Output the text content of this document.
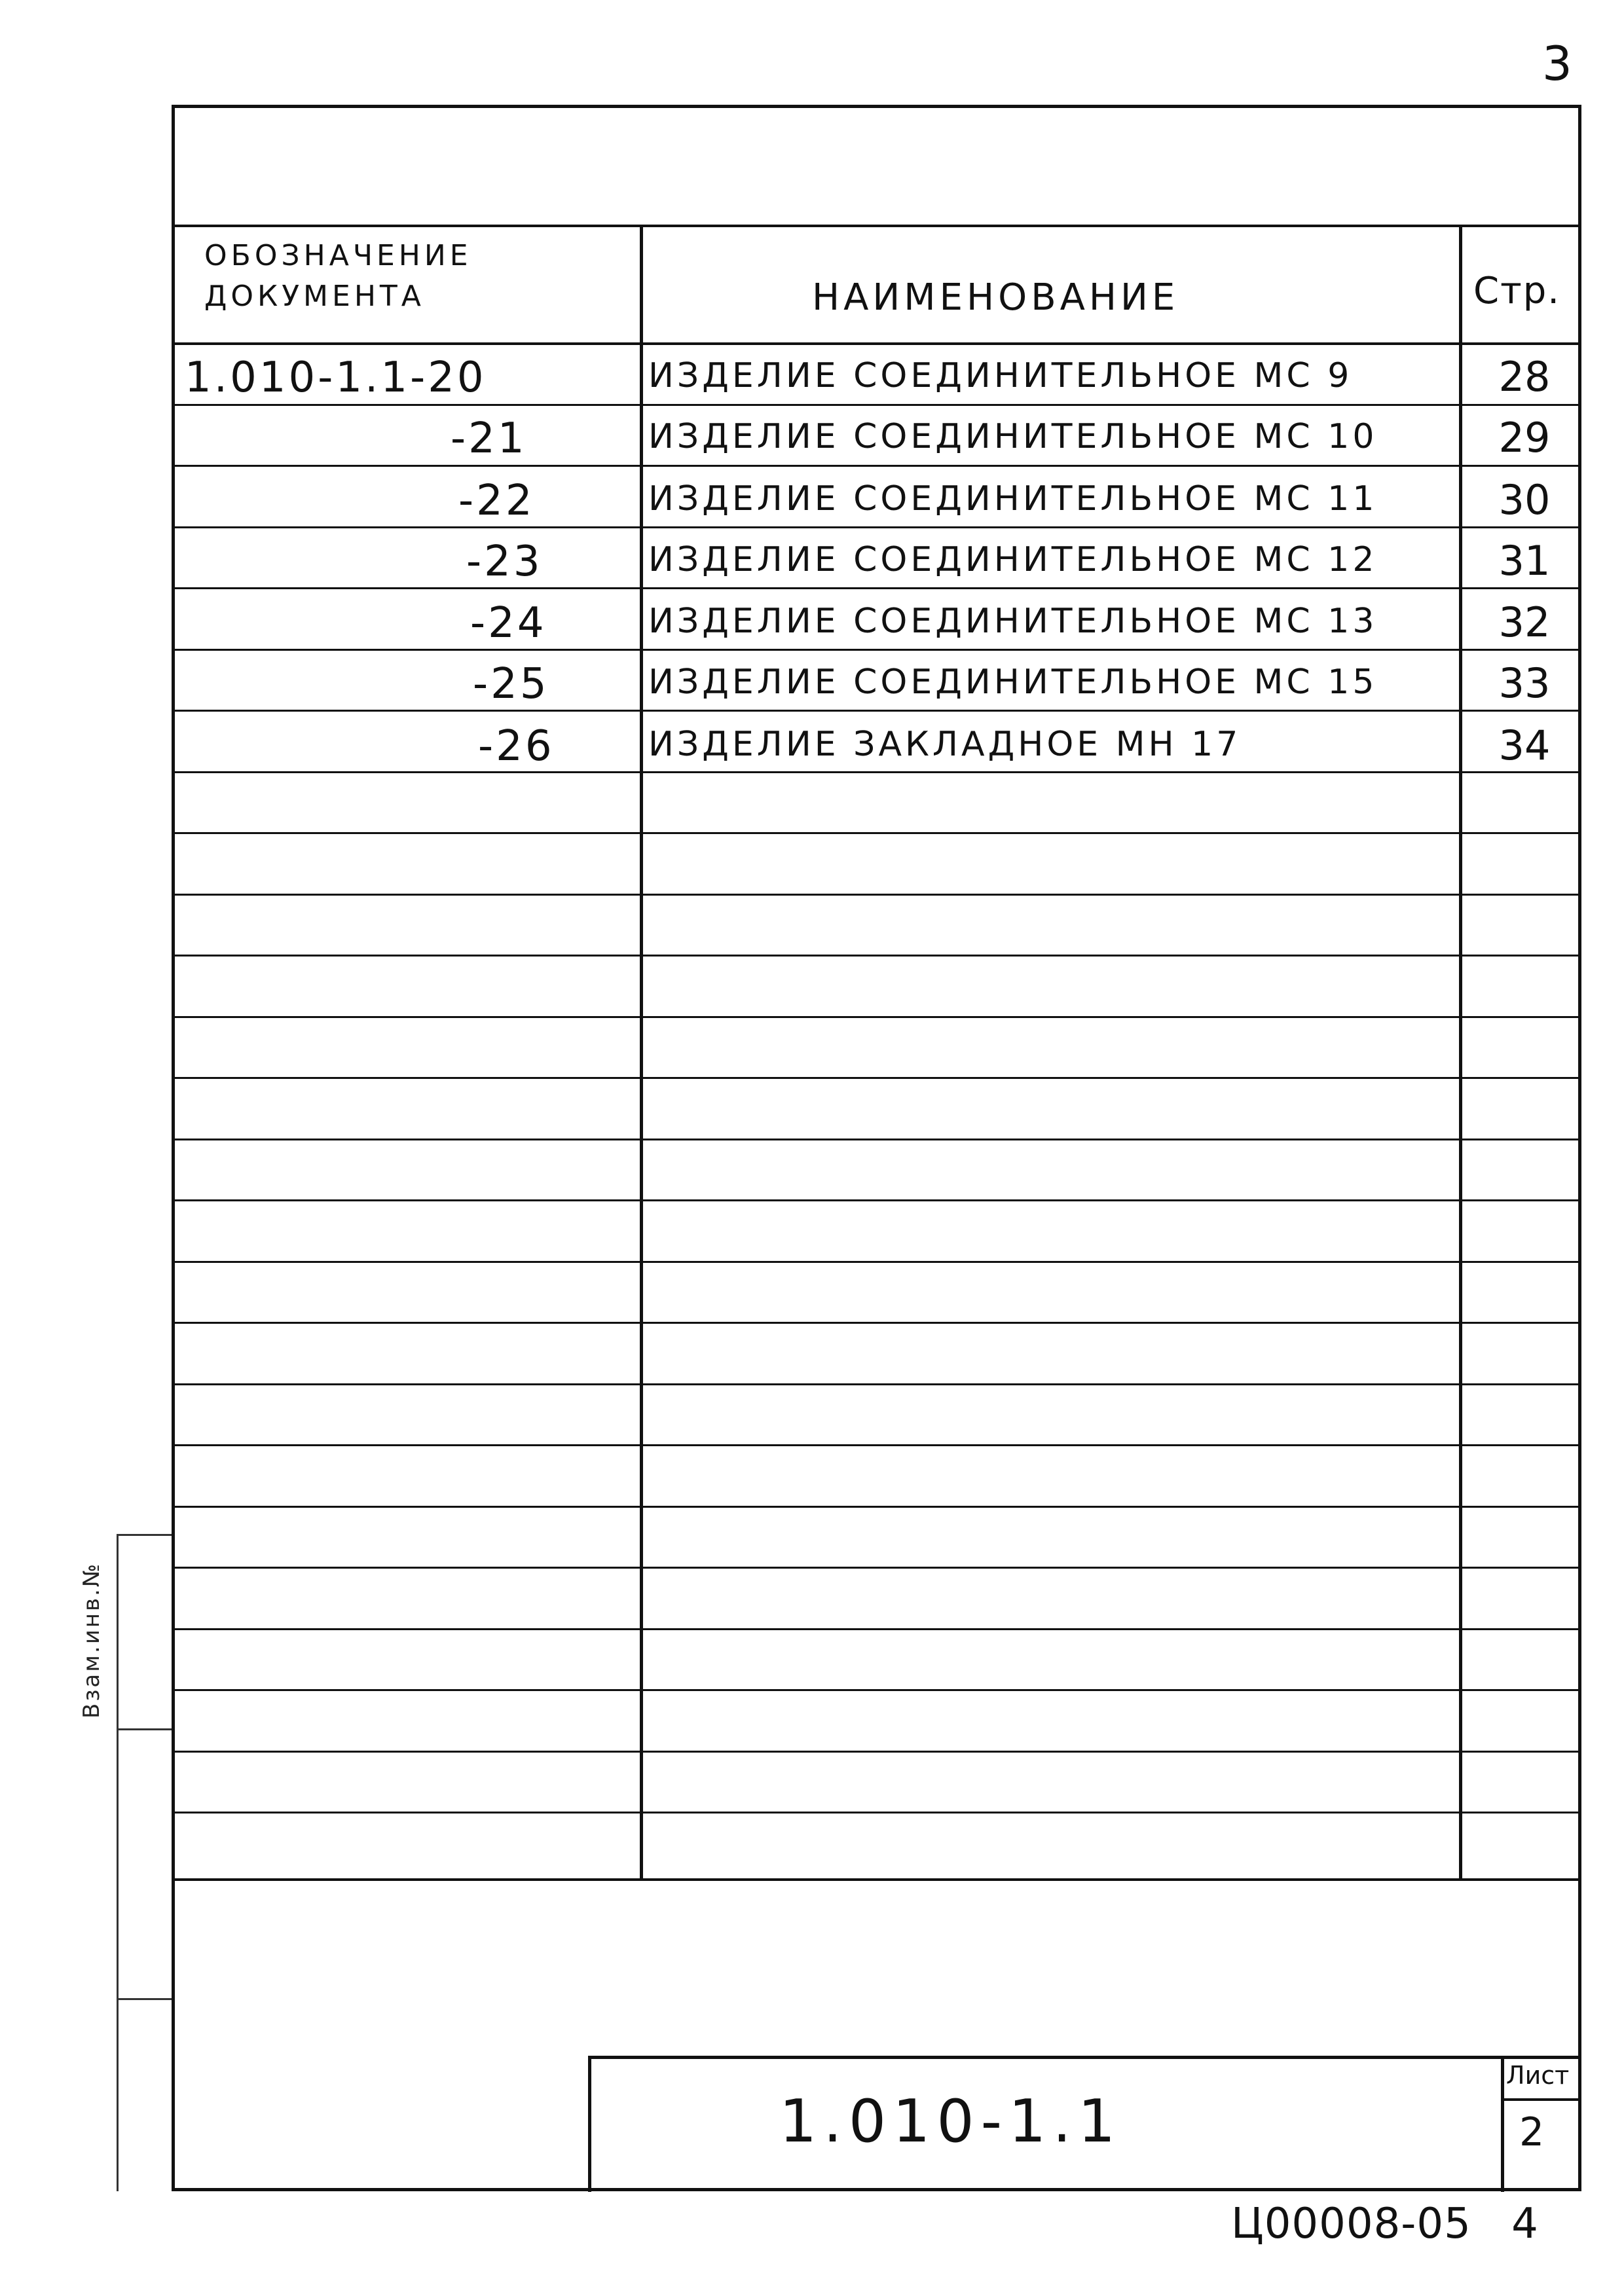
3
ОБОЗНАЧЕНИЕ
ДОКУМЕНТА	НАИМЕНОВАНИЕ	Стр.
1.010-1.1-20	ИЗДЕЛИЕ СОЕДИНИТЕЛЬНОЕ МС 9	28
-21	ИЗДЕЛИЕ СОЕДИНИТЕЛЬНОЕ МС 10	29
-22	ИЗДЕЛИЕ СОЕДИНИТЕЛЬНОЕ МС 11	30
-23	ИЗДЕЛИЕ СОЕДИНИТЕЛЬНОЕ МС 12	31
-24	ИЗДЕЛИЕ СОЕДИНИТЕЛЬНОЕ МС 13	32
-25	ИЗДЕЛИЕ СОЕДИНИТЕЛЬНОЕ МС 15	33
-26	ИЗДЕЛИЕ ЗАКЛАДНОЕ МН 17	34
Взам.инв.№
1.010-1.1
Лист
2
Ц00008-05 4
